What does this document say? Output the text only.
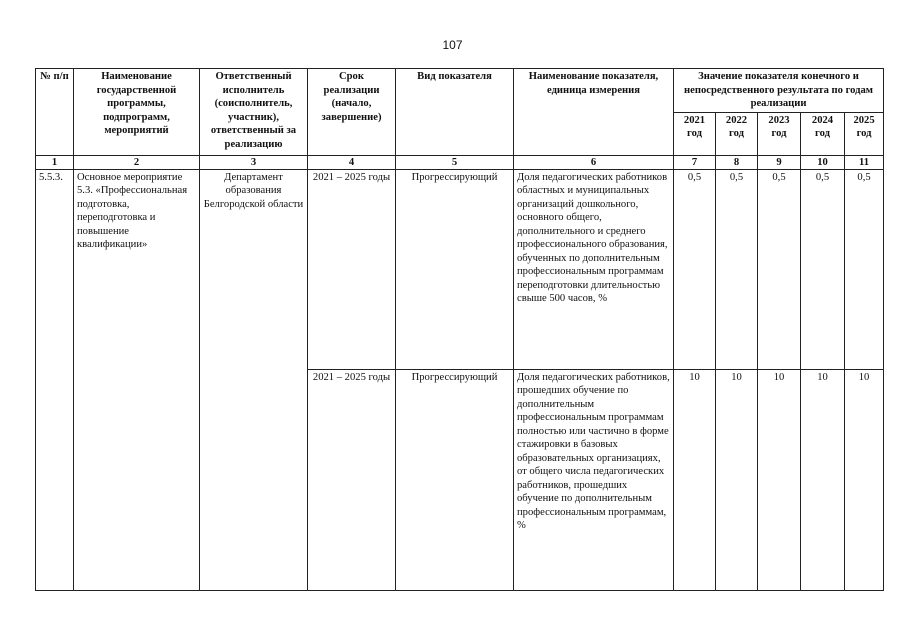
107
№ п/п	Наименование государственной программы, подпрограмм, мероприятий	Ответственный исполнитель (соисполнитель, участник), ответственный за реализацию	Срок реализации (начало, завершение)	Вид показателя	Наименование показателя, единица измерения	Значение показателя конечного и непосредственного результата по годам реализации				
						2021 год	2022 год	2023 год	2024 год	2025 год
1	2	3	4	5	6	7	8	9	10	11
5.5.3.	Основное мероприятие 5.3. «Профессиональная подготовка, переподготовка и повышение квалификации»	Департамент образования Белгородской области	2021 – 2025 годы	Прогрессирующий	Доля педагогических работников областных и муниципальных организаций дошкольного, основного общего, дополнительного и среднего профессионального образования, обученных по дополнительным профессиональным программам переподготовки длительностью свыше 500 часов, %	0,5	0,5	0,5	0,5	0,5
			2021 – 2025 годы	Прогрессирующий	Доля педагогических работников, прошедших обучение по дополнительным профессиональным программам полностью или частично в форме стажировки в базовых образовательных организациях, от общего числа педагогических работников, прошедших обучение по дополнительным профессиональным программам, %	10	10	10	10	10
